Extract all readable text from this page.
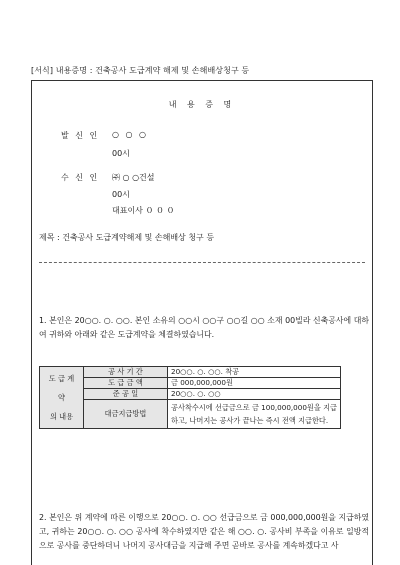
[서식] 내용증명 : 건축공사 도급계약 해제 및 손해배상청구 등
내 용 증 명
발 신 인 ○ ○ ○
00시
수 신 인 ㈜ ○ ○건설
00시
대표이사 ０ ０ ０
제목 : 건축공사 도급계약해제 및 손해배상 청구 등
1. 본인은 20○○. ○. ○○. 본인 소유의 ○○시 ○○구 ○○길 ○○ 소재 00빌라 신축공사에 대하여 귀하와 아래와 같은 도급계약을 체결하였습니다.
도 급 계
약
의 내용	공 사 기 간	20○○. ○. ○○. 착공
	도 급 금 액	금 000,000,000원
	준 공 일	20○○. ○. ○○
	대금지급방법	공사착수시에 선급금으로 금 100,000,000원을 지급하고, 나머지는 공사가 끝나는 즉시 전액 지급한다.
2. 본인은 위 계약에 따른 이행으로 20○○. ○. ○○ 선급금으로 금 000,000,000원을 지급하였고, 귀하는 20○○. ○. ○○ 공사에 착수하였지만 같은 해 ○○. ○. 공사비 부족을 이유로 일방적으로 공사를 중단하더니 나머지 공사대금을 지급해 주면 곧바로 공사를 계속하겠다고 사
